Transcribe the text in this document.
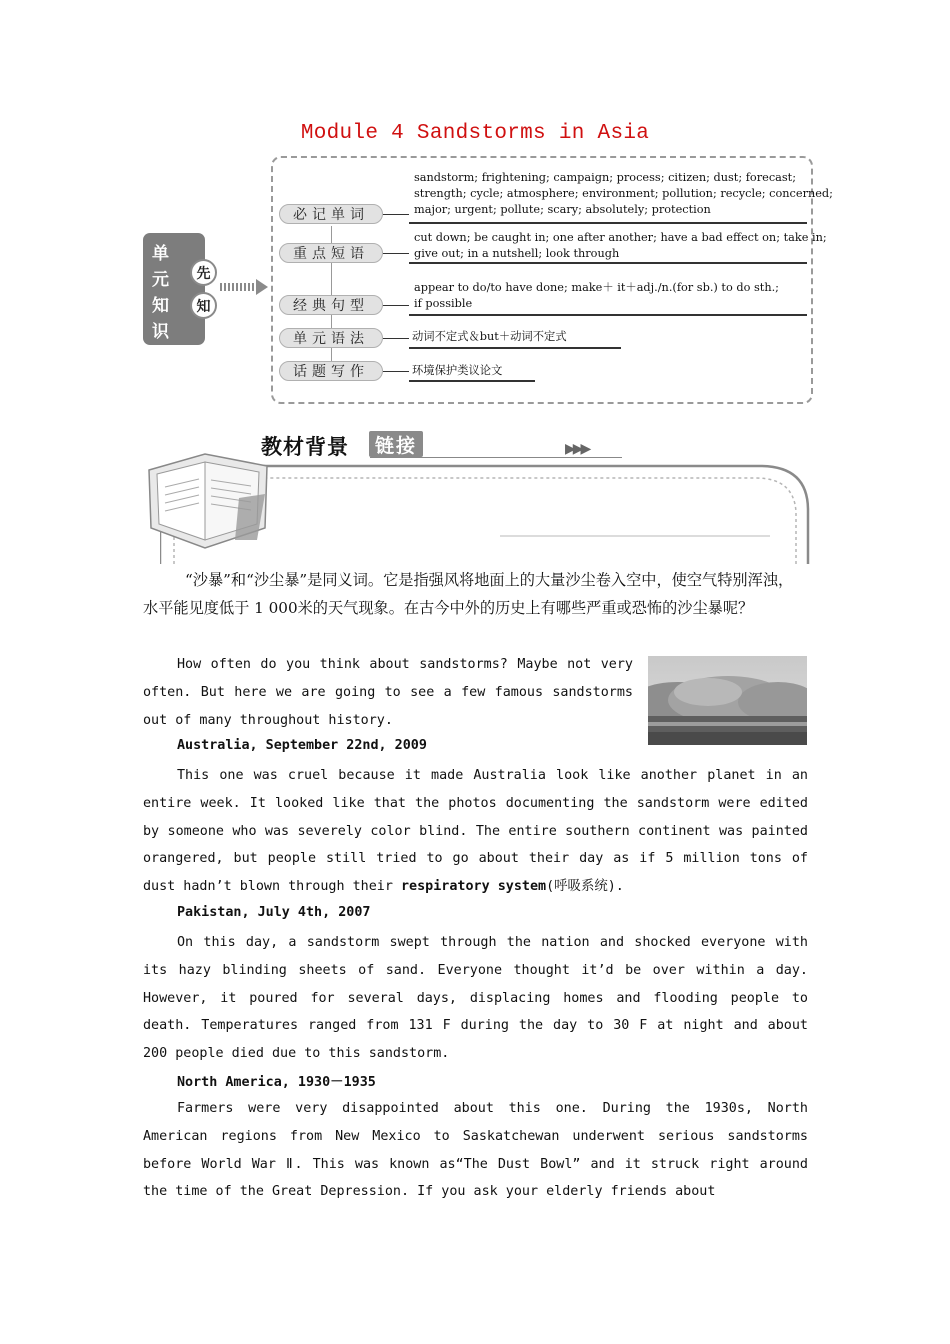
Module 4 Sandstorms in Asia
单
元
知
识
先
知
必记单词
sandstorm; frightening; campaign; process; citizen; dust; forecast;
strength; cycle; atmosphere; environment; pollution; recycle; concerned;
major; urgent; pollute; scary; absolutely; protection
重点短语
cut down; be caught in; one after another; have a bad effect on; take in;
give out; in a nutshell; look through
经典句型
appear to do/to have done; make＋ it＋adj./n.(for sb.) to do sth.;
if possible
单元语法	动词不定式＆but＋动词不定式
话题写作	环境保护类议论文
教材背景	链接	▶▶▶
“沙暴”和“沙尘暴”是同义词。它是指强风将地面上的大量沙尘卷入空中，使空气特别浑浊，水平能见度低于 1 000米的天气现象。在古今中外的历史上有哪些严重或恐怖的沙尘暴呢？
How often do you think about sandstorms? Maybe not very often. But here we are going to see a few famous sandstorms out of many throughout history.
Australia, September 22nd, 2009
This one was cruel because it made Australia look like another planet in an entire week. It looked like that the photos documenting the sandstorm were edited by someone who was severely color blind. The entire southern continent was painted orangered, but people still tried to go about their day as if 5 million tons of dust hadn’t blown through their respiratory system(呼吸系统).
Pakistan, July 4th, 2007
On this day, a sandstorm swept through the nation and shocked everyone with its hazy blinding sheets of sand. Everyone thought it’d be over within a day. However, it poured for several days, displacing homes and flooding people to death. Temperatures ranged from 131 F during the day to 30 F at night and about 200 people died due to this sandstorm.
North America, 1930－1935
Farmers were very disappointed about this one. During the 1930s, North American regions from New Mexico to Saskatchewan underwent serious sandstorms before World War Ⅱ. This was known as“The Dust Bowl” and it struck right around the time of the Great Depression. If you ask your elderly friends about
